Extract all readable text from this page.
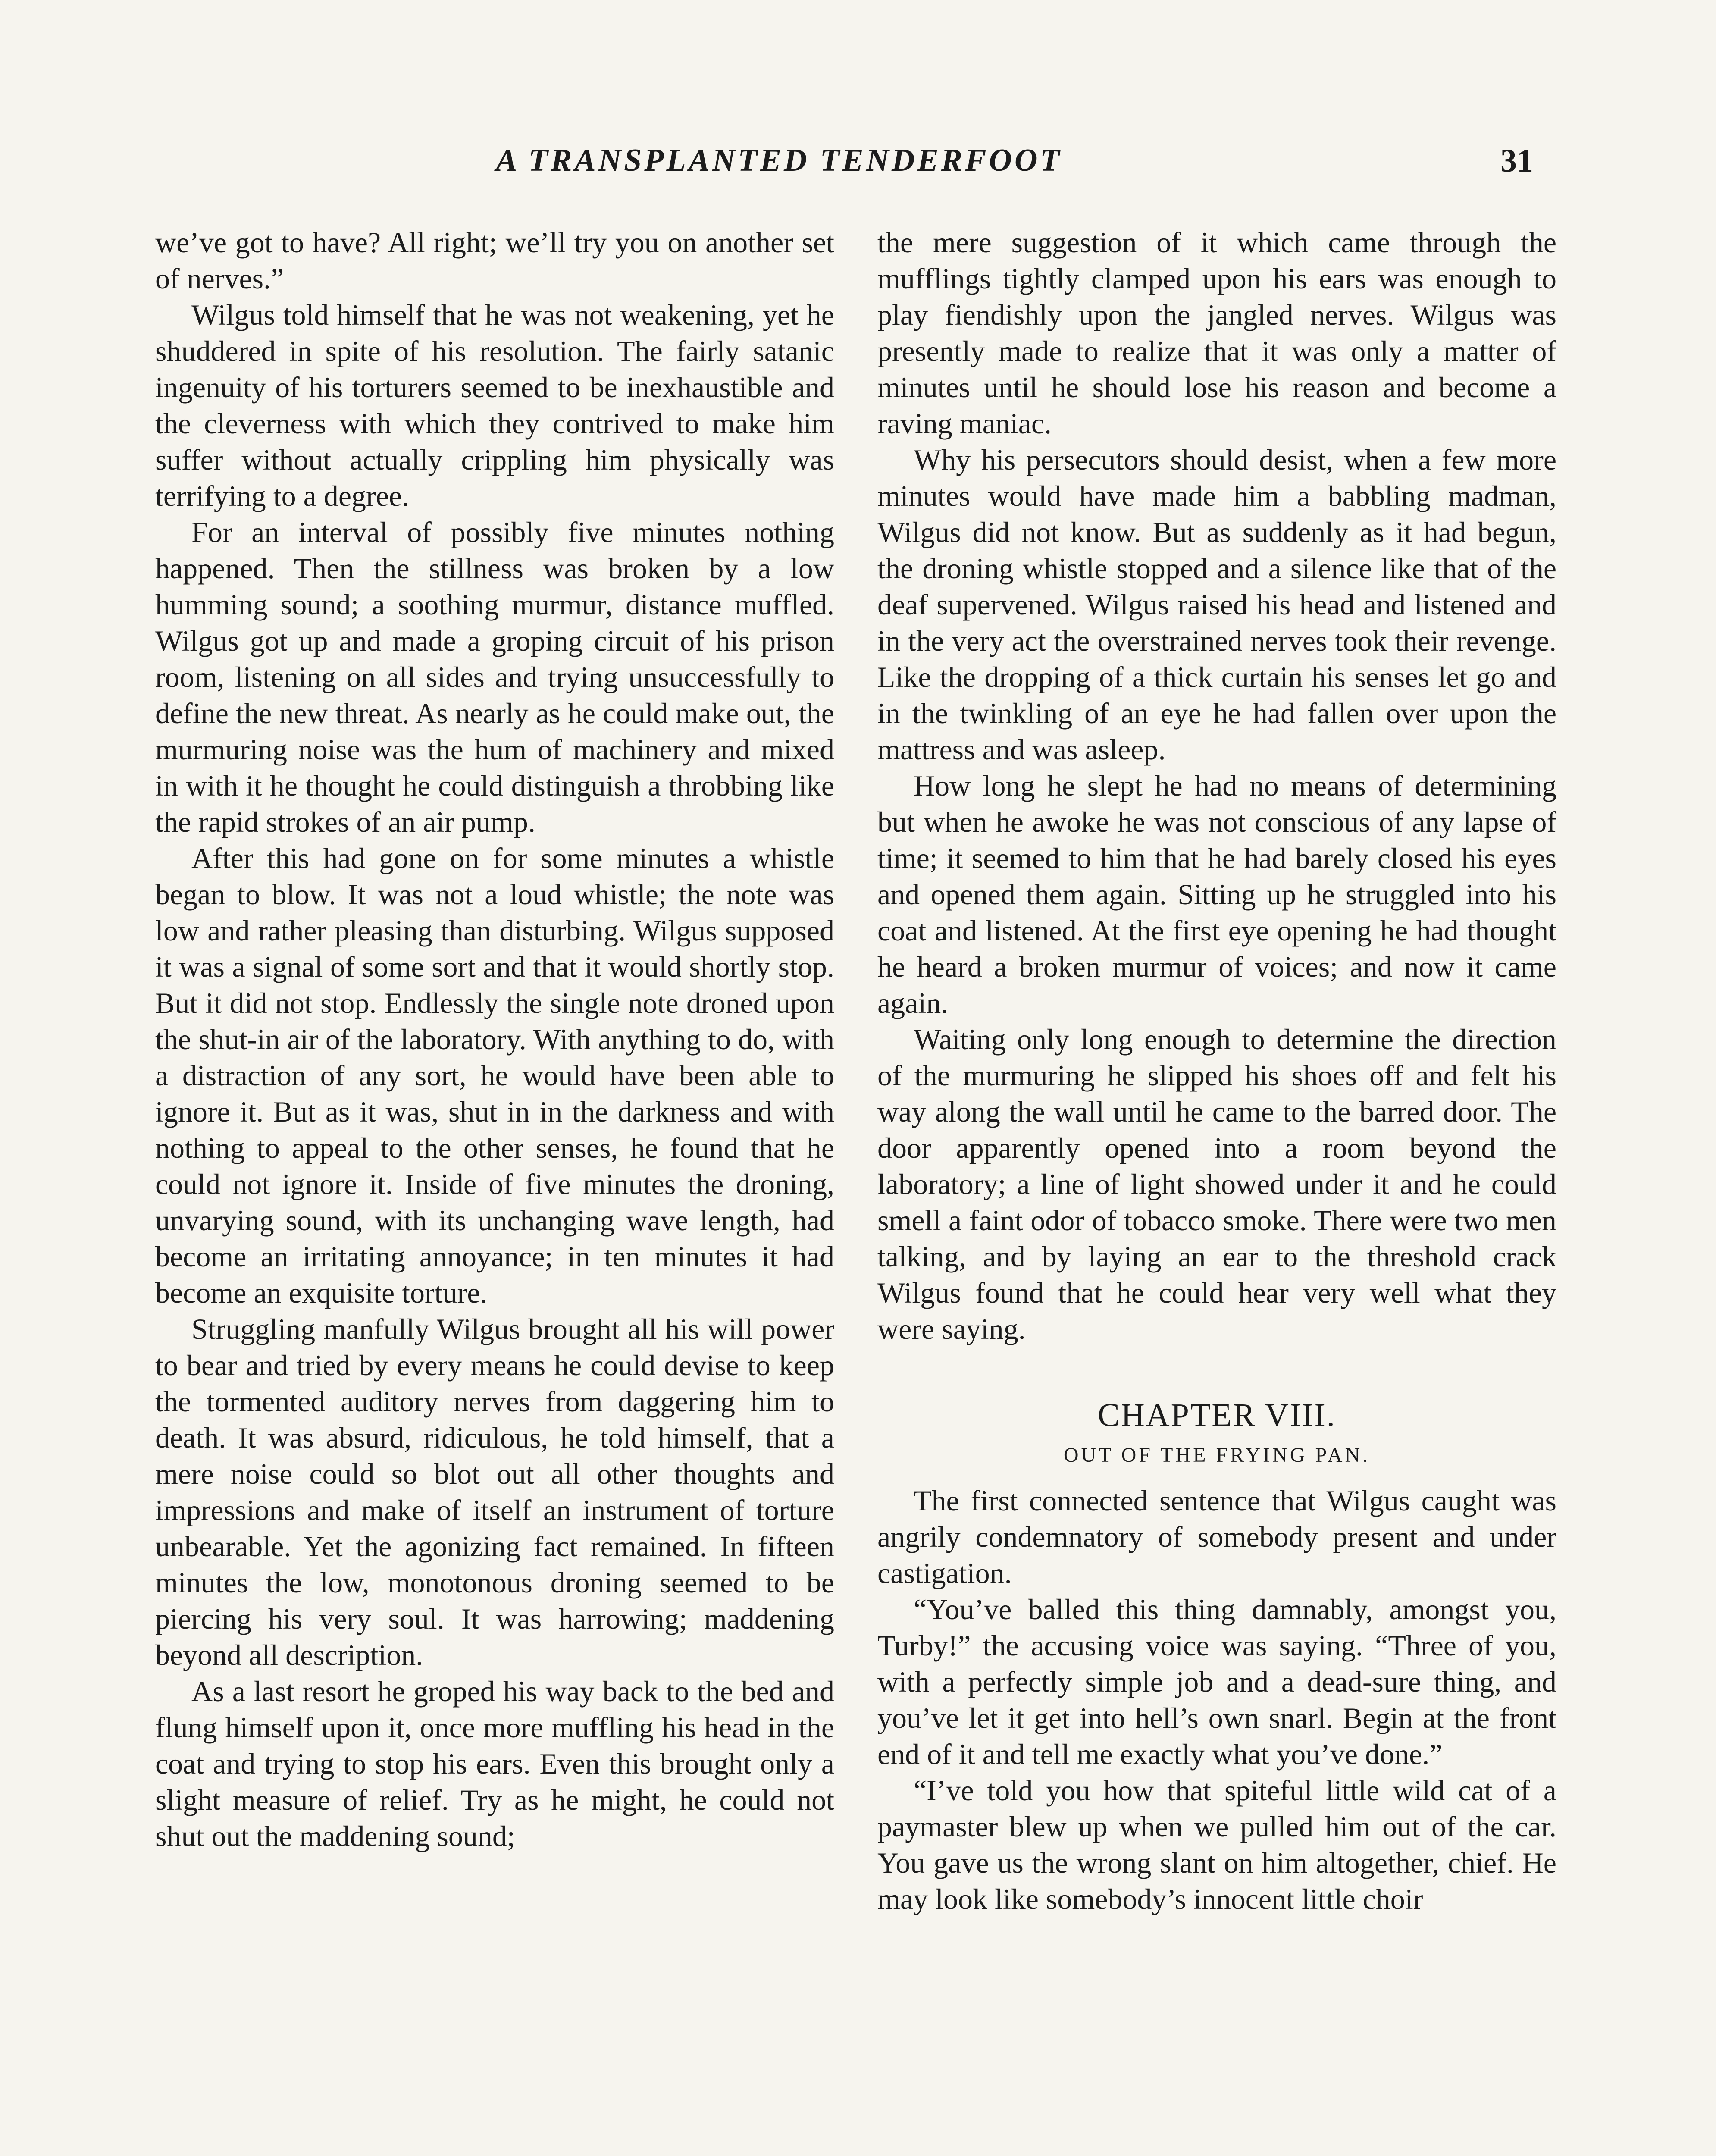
A TRANSPLANTED TENDERFOOT	31

we’ve got to have? All right; we’ll try you on another set of nerves.”

Wilgus told himself that he was not weakening, yet he shuddered in spite of his resolution. The fairly satanic ingenuity of his torturers seemed to be inexhaustible and the cleverness with which they contrived to make him suffer without actually crippling him physically was terrifying to a degree.

For an interval of possibly five minutes nothing happened. Then the stillness was broken by a low humming sound; a soothing murmur, distance muffled. Wilgus got up and made a groping circuit of his prison room, listening on all sides and trying unsuccessfully to define the new threat. As nearly as he could make out, the murmuring noise was the hum of machinery and mixed in with it he thought he could distinguish a throbbing like the rapid strokes of an air pump.

After this had gone on for some minutes a whistle began to blow. It was not a loud whistle; the note was low and rather pleasing than disturbing. Wilgus supposed it was a signal of some sort and that it would shortly stop. But it did not stop. Endlessly the single note droned upon the shut-in air of the laboratory. With anything to do, with a distraction of any sort, he would have been able to ignore it. But as it was, shut in in the darkness and with nothing to appeal to the other senses, he found that he could not ignore it. Inside of five minutes the droning, unvarying sound, with its unchanging wave length, had become an irritating annoyance; in ten minutes it had become an exquisite torture.

Struggling manfully Wilgus brought all his will power to bear and tried by every means he could devise to keep the tormented auditory nerves from daggering him to death. It was absurd, ridiculous, he told himself, that a mere noise could so blot out all other thoughts and impressions and make of itself an instrument of torture unbearable. Yet the agonizing fact remained. In fifteen minutes the low, monotonous droning seemed to be piercing his very soul. It was harrowing; maddening beyond all description.

As a last resort he groped his way back to the bed and flung himself upon it, once more muffling his head in the coat and trying to stop his ears. Even this brought only a slight measure of relief. Try as he might, he could not shut out the maddening sound;

the mere suggestion of it which came through the mufflings tightly clamped upon his ears was enough to play fiendishly upon the jangled nerves. Wilgus was presently made to realize that it was only a matter of minutes until he should lose his reason and become a raving maniac.

Why his persecutors should desist, when a few more minutes would have made him a babbling madman, Wilgus did not know. But as suddenly as it had begun, the droning whistle stopped and a silence like that of the deaf supervened. Wilgus raised his head and listened and in the very act the overstrained nerves took their revenge. Like the dropping of a thick curtain his senses let go and in the twinkling of an eye he had fallen over upon the mattress and was asleep.

How long he slept he had no means of determining but when he awoke he was not conscious of any lapse of time; it seemed to him that he had barely closed his eyes and opened them again. Sitting up he struggled into his coat and listened. At the first eye opening he had thought he heard a broken murmur of voices; and now it came again.

Waiting only long enough to determine the direction of the murmuring he slipped his shoes off and felt his way along the wall until he came to the barred door. The door apparently opened into a room beyond the laboratory; a line of light showed under it and he could smell a faint odor of tobacco smoke. There were two men talking, and by laying an ear to the threshold crack Wilgus found that he could hear very well what they were saying.

CHAPTER VIII.
OUT OF THE FRYING PAN.

The first connected sentence that Wilgus caught was angrily condemnatory of somebody present and under castigation.

“You’ve balled this thing damnably, amongst you, Turby!” the accusing voice was saying. “Three of you, with a perfectly simple job and a dead-sure thing, and you’ve let it get into hell’s own snarl. Begin at the front end of it and tell me exactly what you’ve done.”

“I’ve told you how that spiteful little wild cat of a paymaster blew up when we pulled him out of the car. You gave us the wrong slant on him altogether, chief. He may look like somebody’s innocent little choir
